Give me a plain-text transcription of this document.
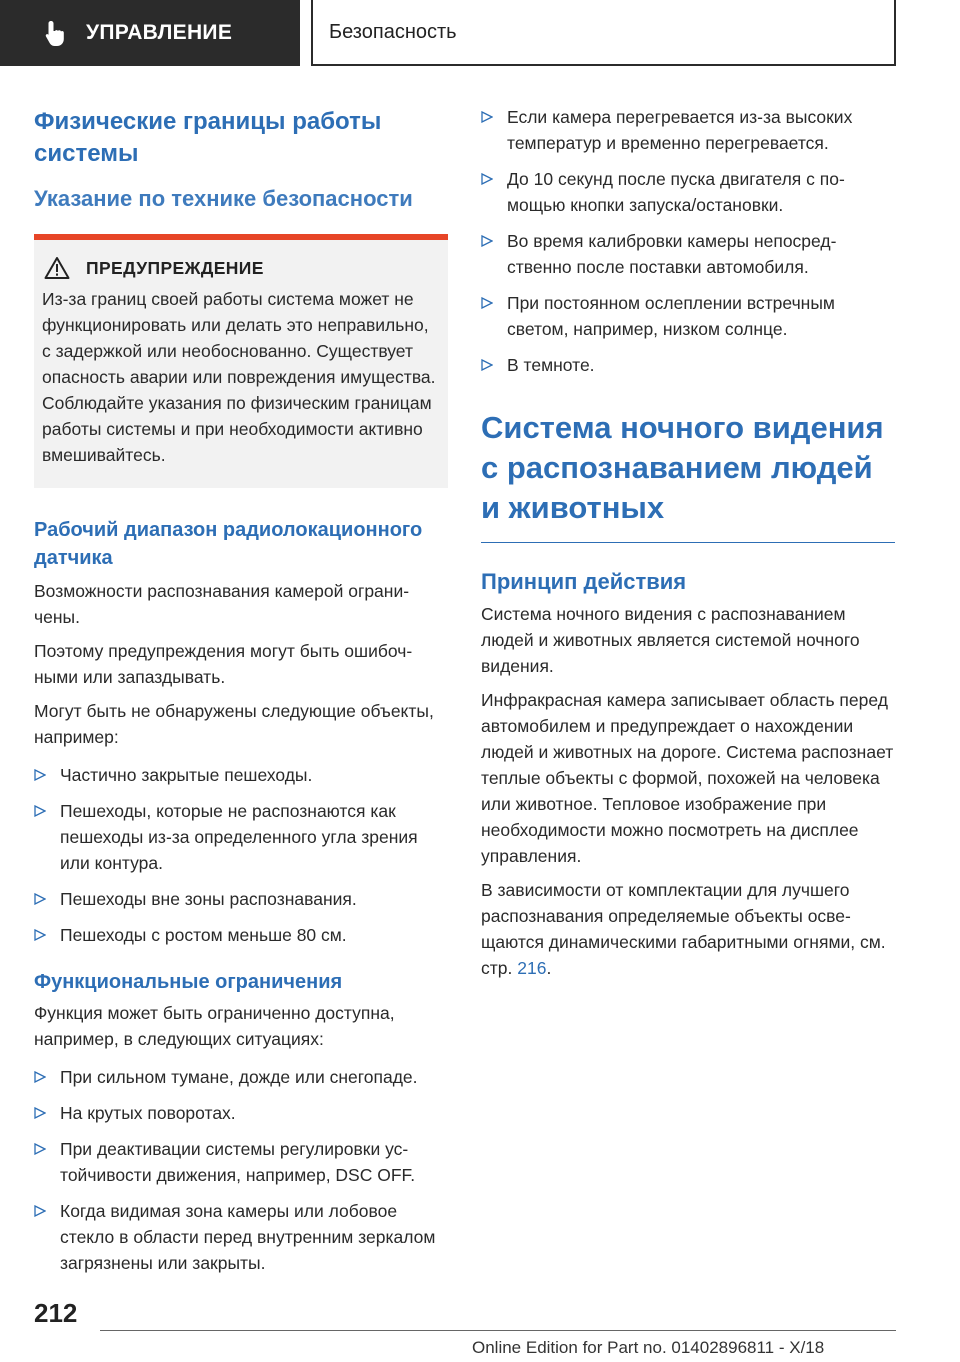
УПРАВЛЕНИЕ	Безопасность
Физические границы работы системы
Указание по технике безопасности
ПРЕДУПРЕЖДЕНИЕ

Из-за границ своей работы система может не функционировать или делать это неправильно, с задержкой или необоснованно. Существует опасность аварии или повреждения имущества. Соблюдайте указания по физическим границам работы системы и при необходимости активно вмешивайтесь.

Рабочий диапазон радиолокационного датчика

Возможности распознавания камерой ограничены.

Поэтому предупреждения могут быть ошибочными или запаздывать.

Могут быть не обнаружены следующие объекты, например:

Частично закрытые пешеходы.
Пешеходы, которые не распознаются как пешеходы из-за определенного угла зрения или контура.
Пешеходы вне зоны распознавания.
Пешеходы с ростом меньше 80 см.
Функциональные ограничения

Функция может быть ограниченно доступна, например, в следующих ситуациях:

При сильном тумане, дожде или снегопаде.
На крутых поворотах.
При деактивации системы регулировки устойчивости движения, например, DSC OFF.
Когда видимая зона камеры или лобовое стекло в области перед внутренним зеркалом загрязнены или закрыты.
Если камера перегревается из-за высоких температур и временно перегревается.
До 10 секунд после пуска двигателя с помощью кнопки запуска/остановки.
Во время калибровки камеры непосредственно после поставки автомобиля.
При постоянном ослеплении встречным светом, например, низком солнце.
В темноте.
Система ночного видения с распознаванием людей и животных
Принцип действия

Система ночного видения с распознаванием людей и животных является системой ночного видения.

Инфракрасная камера записывает область перед автомобилем и предупреждает о нахождении людей и животных на дороге. Система распознает теплые объекты с формой, похожей на человека или животное. Тепловое изображение при необходимости можно посмотреть на дисплее управления.

В зависимости от комплектации для лучшего распознавания определяемые объекты освещаются динамическими габаритными огнями, см. стр. 216.

212
Online Edition for Part no. 01402896811 - X/18
